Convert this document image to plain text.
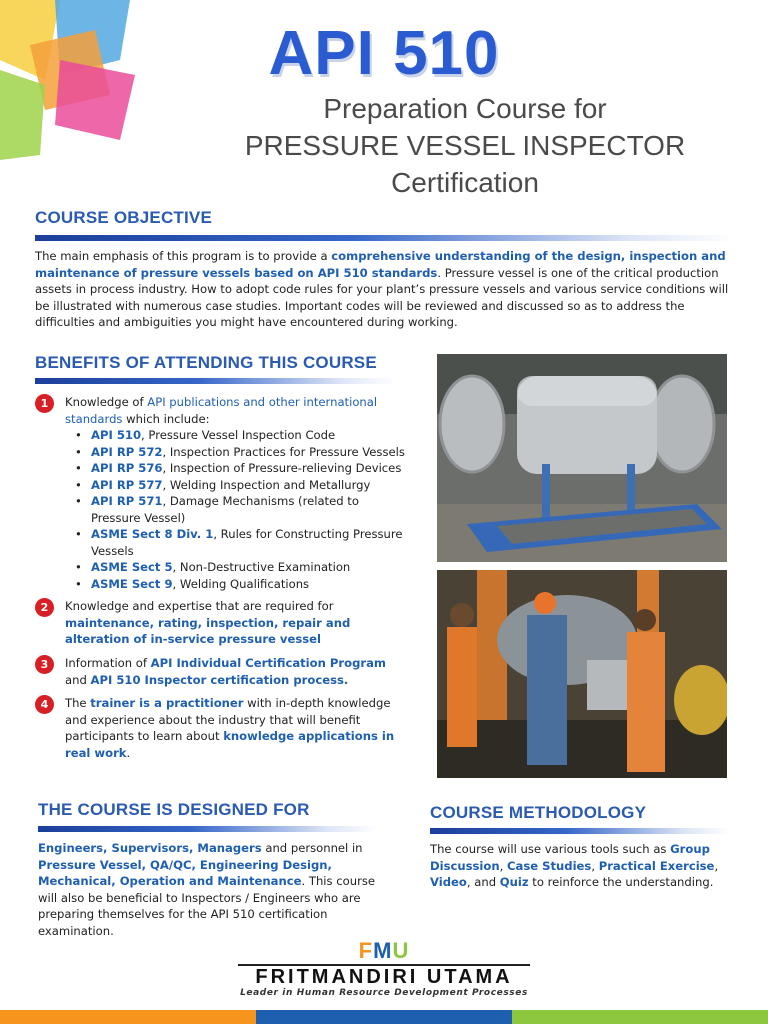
API 510
Preparation Course for
PRESSURE VESSEL INSPECTOR
Certification
COURSE OBJECTIVE
The main emphasis of this program is to provide a comprehensive understanding of the design, inspection and maintenance of pressure vessels based on API 510 standards. Pressure vessel is one of the critical production assets in process industry. How to adopt code rules for your plant’s pressure vessels and various service conditions will be illustrated with numerous case studies. Important codes will be reviewed and discussed so as to address the difficulties and ambiguities you might have encountered during working.
BENEFITS OF ATTENDING THIS COURSE
1	Knowledge of API publications and other international standards which include:
• API 510, Pressure Vessel Inspection Code
• API RP 572, Inspection Practices for Pressure Vessels
• API RP 576, Inspection of Pressure-relieving Devices
• API RP 577, Welding Inspection and Metallurgy
• API RP 571, Damage Mechanisms (related to Pressure Vessel)
• ASME Sect 8 Div. 1, Rules for Constructing Pressure Vessels
• ASME Sect 5, Non-Destructive Examination
• ASME Sect 9, Welding Qualifications
2	Knowledge and expertise that are required for maintenance, rating, inspection, repair and alteration of in-service pressure vessel
3	Information of API Individual Certification Program and API 510 Inspector certification process.
4	The trainer is a practitioner with in-depth knowledge and experience about the industry that will benefit participants to learn about knowledge applications in real work.
THE COURSE IS DESIGNED FOR
Engineers, Supervisors, Managers and personnel in Pressure Vessel, QA/QC, Engineering Design, Mechanical, Operation and Maintenance. This course will also be beneficial to Inspectors / Engineers who are preparing themselves for the API 510 certification examination.
COURSE METHODOLOGY
The course will use various tools such as Group Discussion, Case Studies, Practical Exercise, Video, and Quiz to reinforce the understanding.
FMU
FRITMANDIRI UTAMA
Leader in Human Resource Development Processes
